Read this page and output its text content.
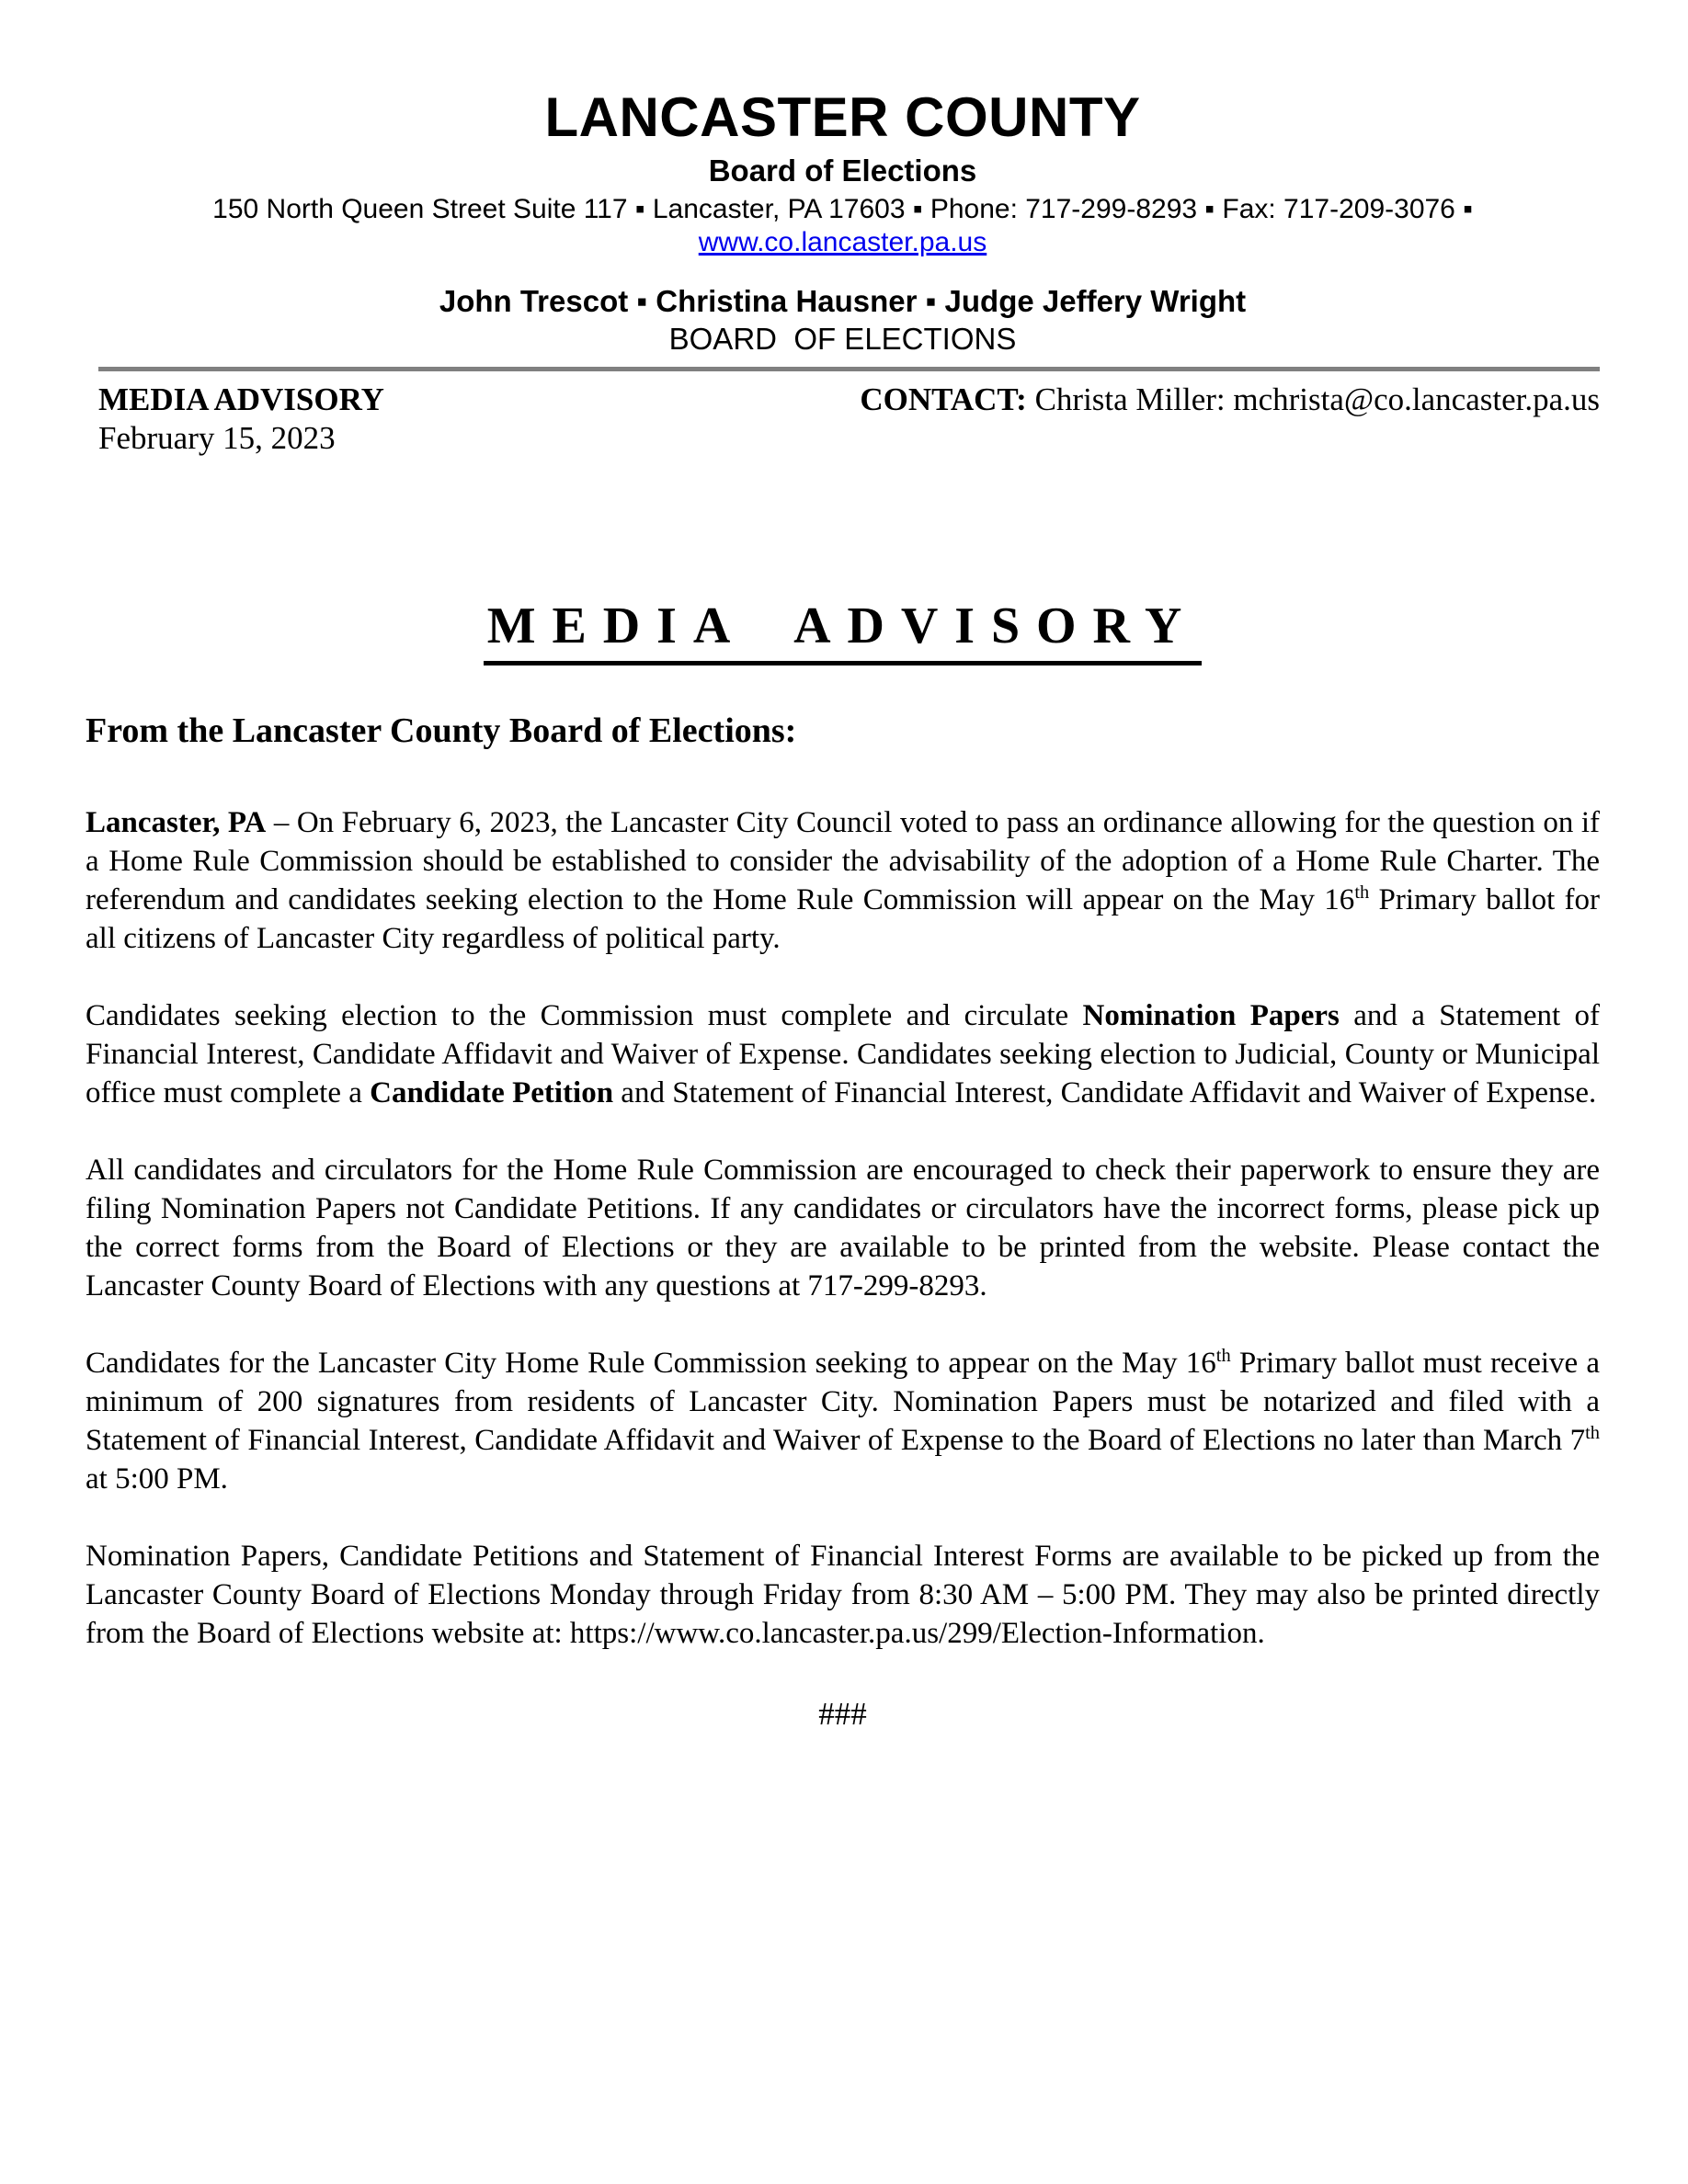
LANCASTER COUNTY
Board of Elections
150 North Queen Street Suite 117 ▪ Lancaster, PA 17603 ▪ Phone: 717-299-8293 ▪ Fax: 717-209-3076 ▪ www.co.lancaster.pa.us
John Trescot ▪ Christina Hausner ▪ Judge Jeffery Wright
BOARD  OF ELECTIONS
MEDIA ADVISORY	CONTACT: Christa Miller: mchrista@co.lancaster.pa.us
February 15, 2023
MEDIA ADVISORY
From the Lancaster County Board of Elections:

Lancaster, PA – On February 6, 2023, the Lancaster City Council voted to pass an ordinance allowing for the question on if a Home Rule Commission should be established to consider the advisability of the adoption of a Home Rule Charter. The referendum and candidates seeking election to the Home Rule Commission will appear on the May 16th Primary ballot for all citizens of Lancaster City regardless of political party.

Candidates seeking election to the Commission must complete and circulate Nomination Papers and a Statement of Financial Interest, Candidate Affidavit and Waiver of Expense. Candidates seeking election to Judicial, County or Municipal office must complete a Candidate Petition and Statement of Financial Interest, Candidate Affidavit and Waiver of Expense.

All candidates and circulators for the Home Rule Commission are encouraged to check their paperwork to ensure they are filing Nomination Papers not Candidate Petitions. If any candidates or circulators have the incorrect forms, please pick up the correct forms from the Board of Elections or they are available to be printed from the website. Please contact the Lancaster County Board of Elections with any questions at 717-299-8293.

Candidates for the Lancaster City Home Rule Commission seeking to appear on the May 16th Primary ballot must receive a minimum of 200 signatures from residents of Lancaster City. Nomination Papers must be notarized and filed with a Statement of Financial Interest, Candidate Affidavit and Waiver of Expense to the Board of Elections no later than March 7th at 5:00 PM.

Nomination Papers, Candidate Petitions and Statement of Financial Interest Forms are available to be picked up from the Lancaster County Board of Elections Monday through Friday from 8:30 AM – 5:00 PM. They may also be printed directly from the Board of Elections website at: https://www.co.lancaster.pa.us/299/Election-Information.

###
